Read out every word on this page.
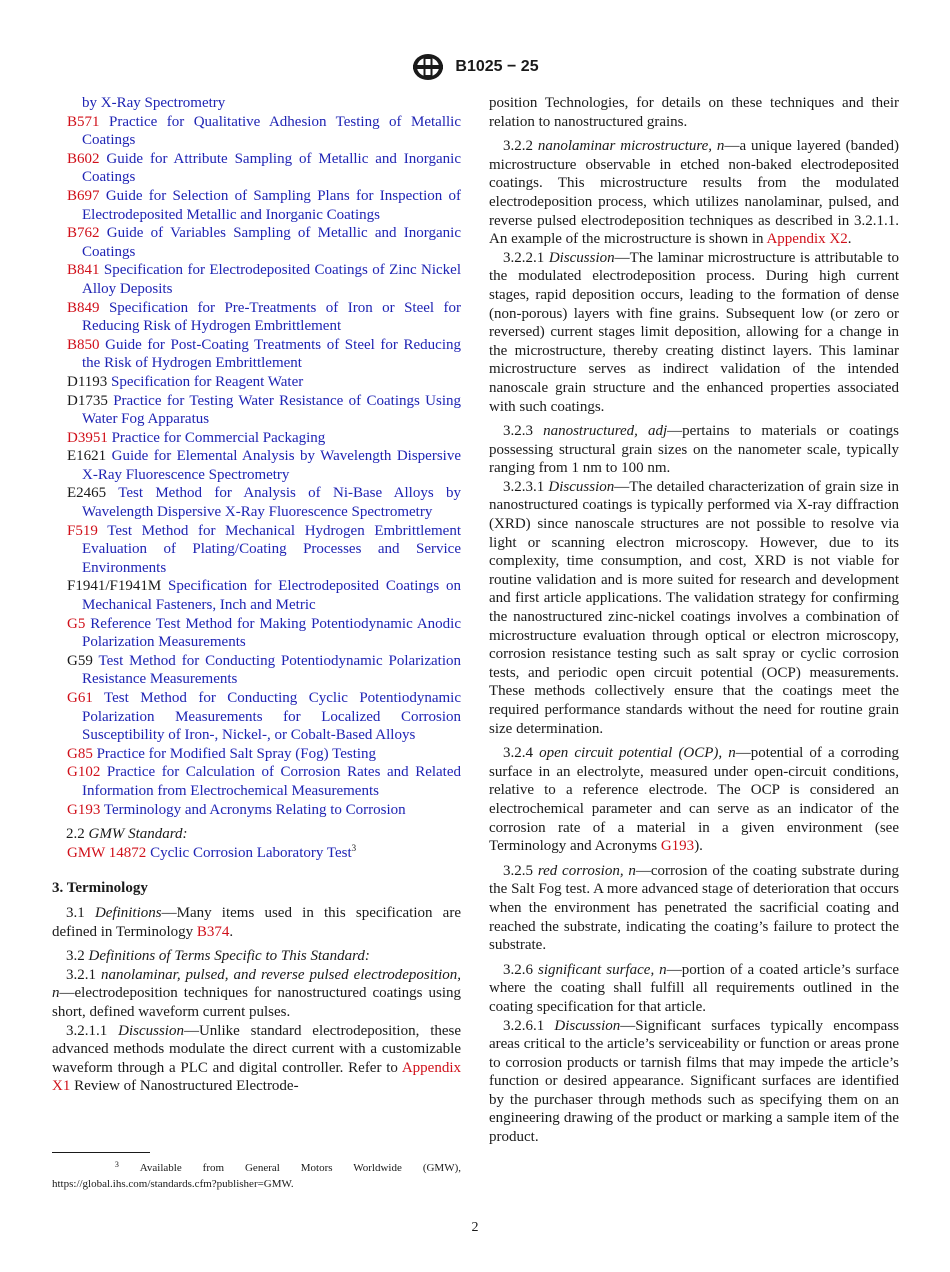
B1025 − 25
by X-Ray Spectrometry
B571 Practice for Qualitative Adhesion Testing of Metallic Coatings
B602 Guide for Attribute Sampling of Metallic and Inorganic Coatings
B697 Guide for Selection of Sampling Plans for Inspection of Electrodeposited Metallic and Inorganic Coatings
B762 Guide of Variables Sampling of Metallic and Inorganic Coatings
B841 Specification for Electrodeposited Coatings of Zinc Nickel Alloy Deposits
B849 Specification for Pre-Treatments of Iron or Steel for Reducing Risk of Hydrogen Embrittlement
B850 Guide for Post-Coating Treatments of Steel for Reducing the Risk of Hydrogen Embrittlement
D1193 Specification for Reagent Water
D1735 Practice for Testing Water Resistance of Coatings Using Water Fog Apparatus
D3951 Practice for Commercial Packaging
E1621 Guide for Elemental Analysis by Wavelength Dispersive X-Ray Fluorescence Spectrometry
E2465 Test Method for Analysis of Ni-Base Alloys by Wavelength Dispersive X-Ray Fluorescence Spectrometry
F519 Test Method for Mechanical Hydrogen Embrittlement Evaluation of Plating/Coating Processes and Service Environments
F1941/F1941M Specification for Electrodeposited Coatings on Mechanical Fasteners, Inch and Metric
G5 Reference Test Method for Making Potentiodynamic Anodic Polarization Measurements
G59 Test Method for Conducting Potentiodynamic Polarization Resistance Measurements
G61 Test Method for Conducting Cyclic Potentiodynamic Polarization Measurements for Localized Corrosion Susceptibility of Iron-, Nickel-, or Cobalt-Based Alloys
G85 Practice for Modified Salt Spray (Fog) Testing
G102 Practice for Calculation of Corrosion Rates and Related Information from Electrochemical Measurements
G193 Terminology and Acronyms Relating to Corrosion
2.2 GMW Standard:
GMW 14872 Cyclic Corrosion Laboratory Test$^3$
3. Terminology

3.1 Definitions—Many items used in this specification are defined in Terminology B374.

3.2 Definitions of Terms Specific to This Standard:

3.2.1 nanolaminar, pulsed, and reverse pulsed electrodeposition, n—electrodeposition techniques for nanostructured coatings using short, defined waveform current pulses.

3.2.1.1 Discussion—Unlike standard electrodeposition, these advanced methods modulate the direct current with a customizable waveform through a PLC and digital controller. Refer to Appendix X1 Review of Nanostructured Electrode-

position Technologies, for details on these techniques and their relation to nanostructured grains.

3.2.2 nanolaminar microstructure, n—a unique layered (banded) microstructure observable in etched non-baked electrodeposited coatings. This microstructure results from the modulated electrodeposition process, which utilizes nanolaminar, pulsed, and reverse pulsed electrodeposition techniques as described in 3.2.1.1. An example of the microstructure is shown in Appendix X2.

3.2.2.1 Discussion—The laminar microstructure is attributable to the modulated electrodeposition process. During high current stages, rapid deposition occurs, leading to the formation of dense (non-porous) layers with fine grains. Subsequent low (or zero or reversed) current stages limit deposition, allowing for a change in the microstructure, thereby creating distinct layers. This laminar microstructure serves as indirect validation of the intended nanoscale grain structure and the enhanced properties associated with such coatings.

3.2.3 nanostructured, adj—pertains to materials or coatings possessing structural grain sizes on the nanometer scale, typically ranging from 1 nm to 100 nm.

3.2.3.1 Discussion—The detailed characterization of grain size in nanostructured coatings is typically performed via X-ray diffraction (XRD) since nanoscale structures are not possible to resolve via light or scanning electron microscopy. However, due to its complexity, time consumption, and cost, XRD is not viable for routine validation and is more suited for research and development and first article applications. The validation strategy for confirming the nanostructured zinc-nickel coatings involves a combination of microstructure evaluation through optical or electron microscopy, corrosion resistance testing such as salt spray or cyclic corrosion tests, and periodic open circuit potential (OCP) measurements. These methods collectively ensure that the coatings meet the required performance standards without the need for routine grain size determination.

3.2.4 open circuit potential (OCP), n—potential of a corroding surface in an electrolyte, measured under open-circuit conditions, relative to a reference electrode. The OCP is considered an electrochemical parameter and can serve as an indicator of the corrosion rate of a material in a given environment (see Terminology and Acronyms G193).

3.2.5 red corrosion, n—corrosion of the coating substrate during the Salt Fog test. A more advanced stage of deterioration that occurs when the environment has penetrated the sacrificial coating and reached the substrate, indicating the coating’s failure to protect the substrate.

3.2.6 significant surface, n—portion of a coated article’s surface where the coating shall fulfill all requirements outlined in the coating specification for that article.

3.2.6.1 Discussion—Significant surfaces typically encompass areas critical to the article’s serviceability or function or areas prone to corrosion products or tarnish films that may impede the article’s function or desired appearance. Significant surfaces are identified by the purchaser through methods such as specifying them on an engineering drawing of the product or marking a sample item of the product.

$^3$ Available from General Motors Worldwide (GMW), https://global.ihs.com/standards.cfm?publisher=GMW.
2
